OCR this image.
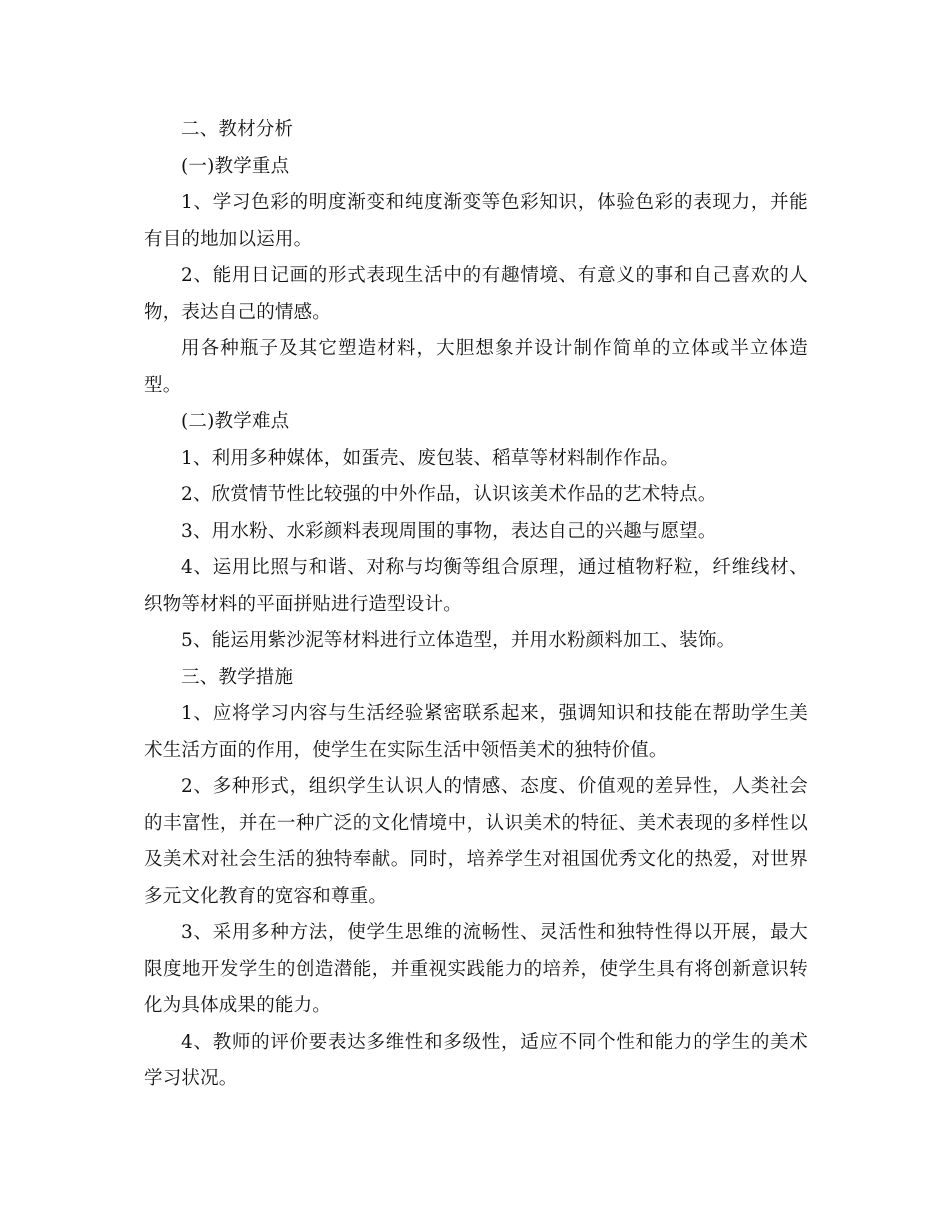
二、教材分析

(一)教学重点

1、学习色彩的明度渐变和纯度渐变等色彩知识，体验色彩的表现力，并能有目的地加以运用。

2、能用日记画的形式表现生活中的有趣情境、有意义的事和自己喜欢的人物，表达自己的情感。

用各种瓶子及其它塑造材料，大胆想象并设计制作简单的立体或半立体造型。

(二)教学难点

1、利用多种媒体，如蛋壳、废包装、稻草等材料制作作品。

2、欣赏情节性比较强的中外作品，认识该美术作品的艺术特点。

3、用水粉、水彩颜料表现周围的事物，表达自己的兴趣与愿望。

4、运用比照与和谐、对称与均衡等组合原理，通过植物籽粒，纤维线材、织物等材料的平面拼贴进行造型设计。

5、能运用紫沙泥等材料进行立体造型，并用水粉颜料加工、装饰。

三、教学措施

1、应将学习内容与生活经验紧密联系起来，强调知识和技能在帮助学生美术生活方面的作用，使学生在实际生活中领悟美术的独特价值。

2、多种形式，组织学生认识人的情感、态度、价值观的差异性，人类社会的丰富性，并在一种广泛的文化情境中，认识美术的特征、美术表现的多样性以及美术对社会生活的独特奉献。同时，培养学生对祖国优秀文化的热爱，对世界多元文化教育的宽容和尊重。

3、采用多种方法，使学生思维的流畅性、灵活性和独特性得以开展，最大限度地开发学生的创造潜能，并重视实践能力的培养，使学生具有将创新意识转化为具体成果的能力。

4、教师的评价要表达多维性和多级性，适应不同个性和能力的学生的美术学习状况。
